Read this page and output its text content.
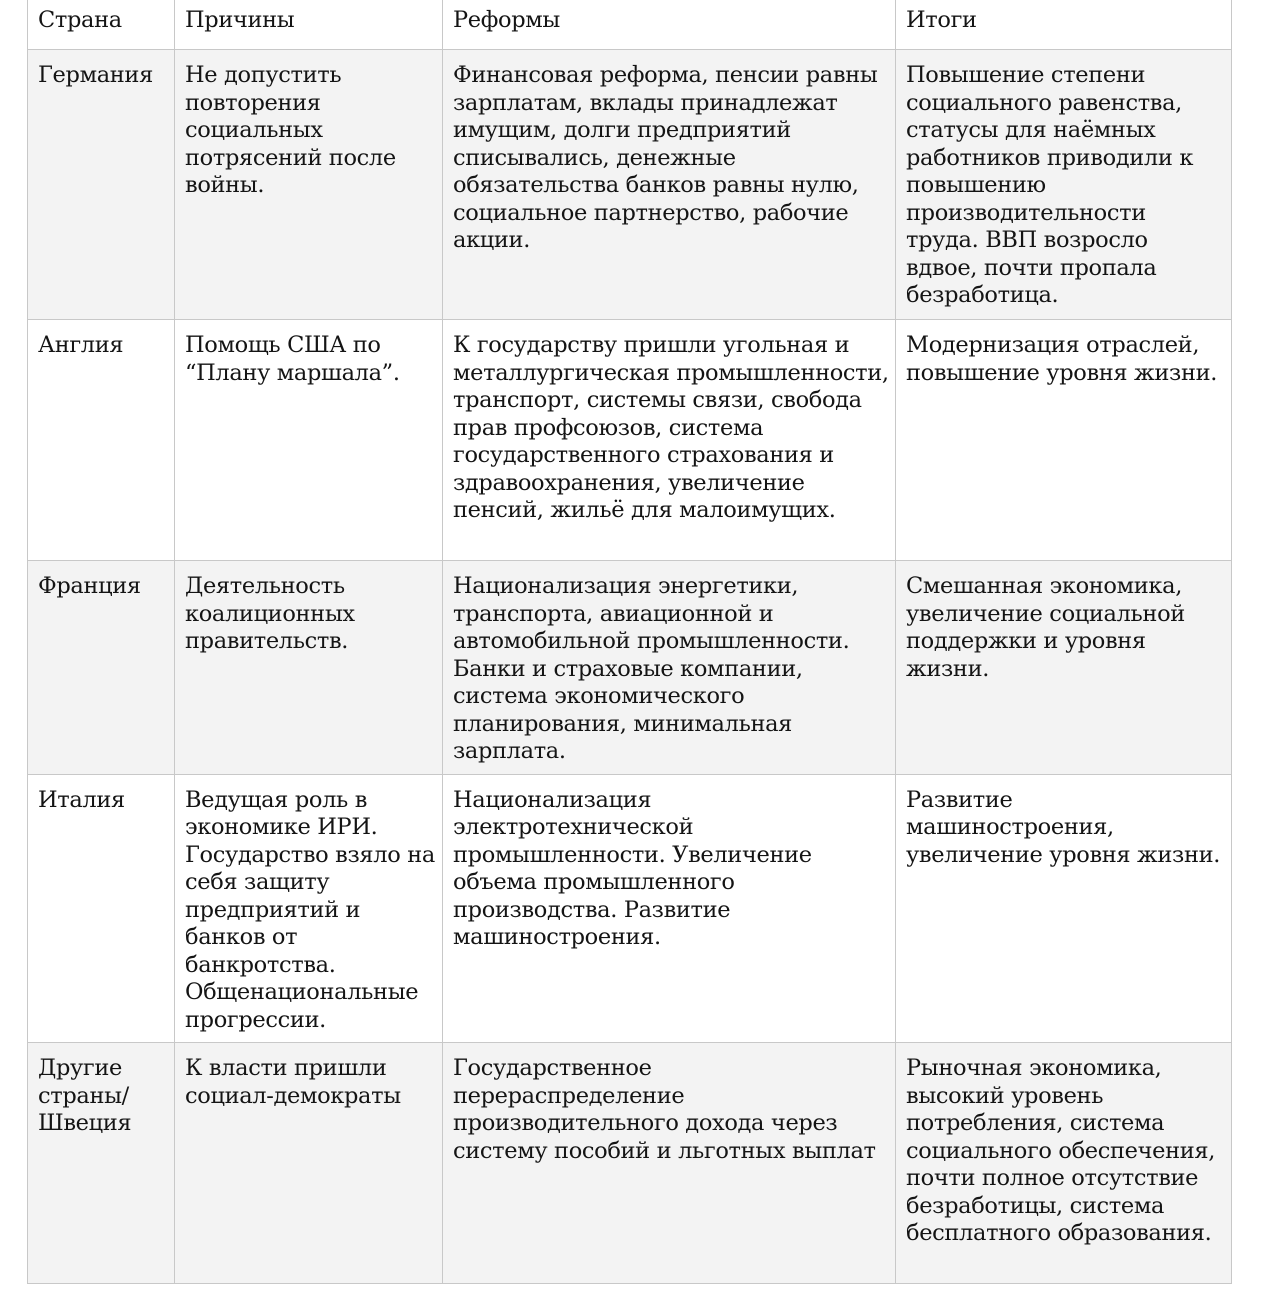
Страна	Причины	Реформы	Итоги
Германия	Не допустить повторения социальных потрясений после войны.	Финансовая реформа, пенсии равны зарплатам, вклады принадлежат имущим, долги предприятий списывались, денежные обязательства банков равны нулю, социальное партнерство, рабочие акции.	Повышение степени социального равенства, статусы для наёмных работников приводили к повышению производительности труда. ВВП возросло вдвое, почти пропала безработица.
Англия	Помощь США по “Плану маршала”.	К государству пришли угольная и металлургическая промышленности, транспорт, системы связи, свобода прав профсоюзов, система государственного страхования и здравоохранения, увеличение пенсий, жильё для малоимущих.	Модернизация отраслей, повышение уровня жизни.
Франция	Деятельность коалиционных правительств.	Национализация энергетики, транспорта, авиационной и автомобильной промышленности. Банки и страховые компании, система экономического планирования, минимальная зарплата.	Смешанная экономика, увеличение социальной поддержки и уровня жизни.
Италия	Ведущая роль в экономике ИРИ. Государство взяло на себя защиту предприятий и банков от банкротства. Общенациональные прогрессии.	Национализация электротехнической промышленности. Увеличение объема промышленного производства. Развитие машиностроения.	Развитие машиностроения, увеличение уровня жизни.
Другие страны/ Швеция	К власти пришли социал-демократы	Государственное перераспределение производительного дохода через систему пособий и льготных выплат	Рыночная экономика, высокий уровень потребления, система социального обеспечения, почти полное отсутствие безработицы, система бесплатного образования.
